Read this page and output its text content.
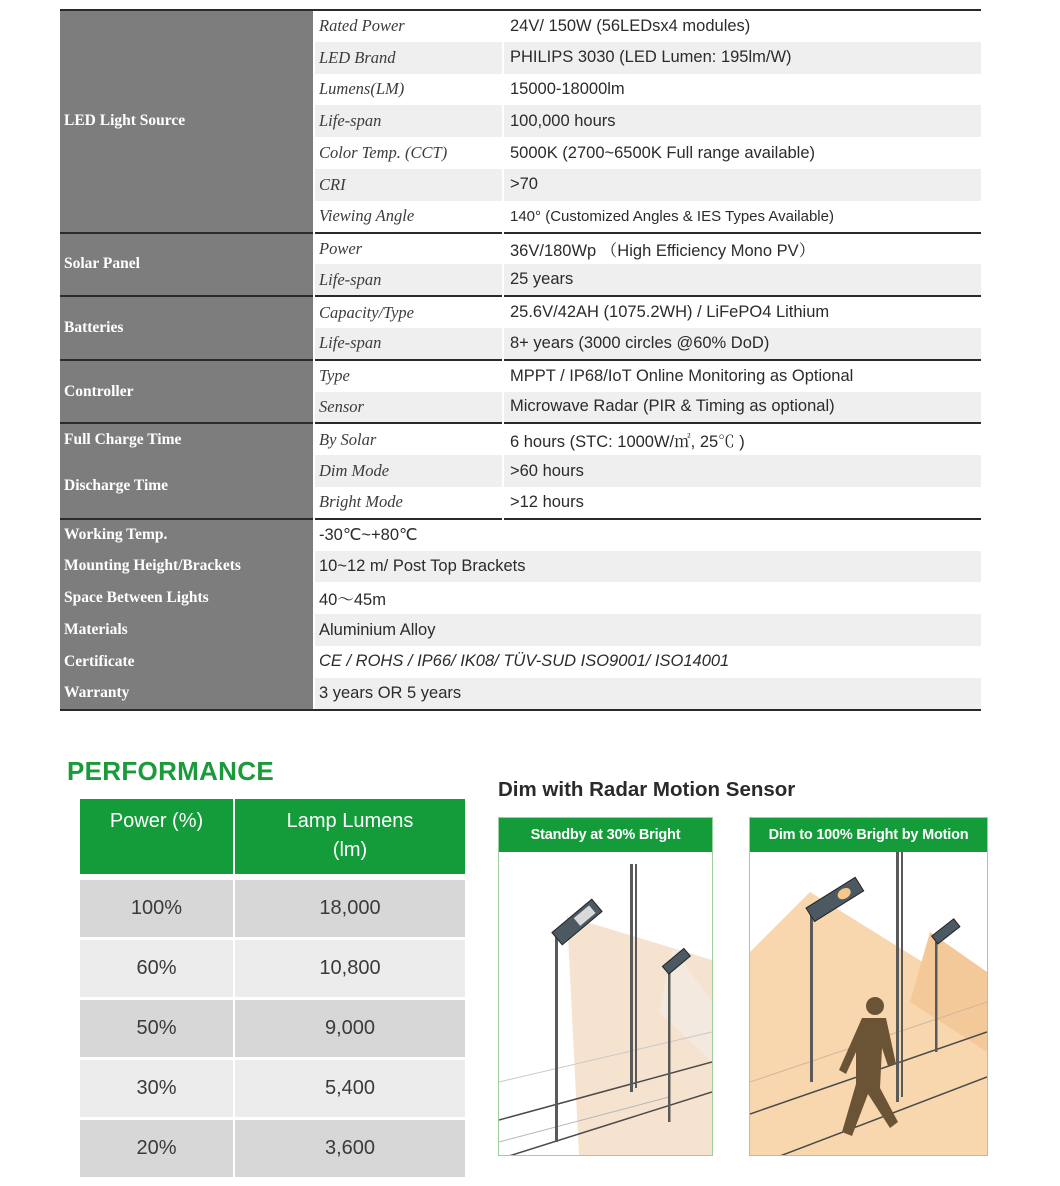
LED Light Source	Rated Power	24V/ 150W (56LEDsx4 modules)
	LED Brand	PHILIPS 3030 (LED Lumen: 195lm/W)
	Lumens(LM)	15000-18000lm
	Life-span	100,000 hours
	Color Temp. (CCT)	5000K (2700~6500K Full range available)
	CRI	>70
	Viewing Angle	140° (Customized Angles & IES Types Available)
Solar Panel	Power	36V/180Wp （High Efficiency Mono PV）
	Life-span	25 years
Batteries	Capacity/Type	25.6V/42AH (1075.2WH) / LiFePO4 Lithium
	Life-span	8+ years (3000 circles @60% DoD)
Controller	Type	MPPT / IP68/IoT Online Monitoring as Optional
	Sensor	Microwave Radar (PIR & Timing as optional)
Full Charge Time	By Solar	6 hours (STC: 1000W/㎡, 25℃ )
Discharge Time	Dim Mode	>60 hours
	Bright Mode	>12 hours
Working Temp.	-30℃~+80℃	
Mounting Height/Brackets	10~12 m/ Post Top Brackets	
Space Between Lights	40～45m	
Materials	Aluminium Alloy	
Certificate	CE / ROHS / IP66/ IK08/ TÜV-SUD ISO9001/ ISO14001	
Warranty	3 years OR 5 years	
PERFORMANCE
Power (%)	Lamp Lumens
(lm)
100%	18,000
60%	10,800
50%	9,000
30%	5,400
20%	3,600
Dim with Radar Motion Sensor
Standby at 30% Bright	Dim to 100% Bright by Motion
